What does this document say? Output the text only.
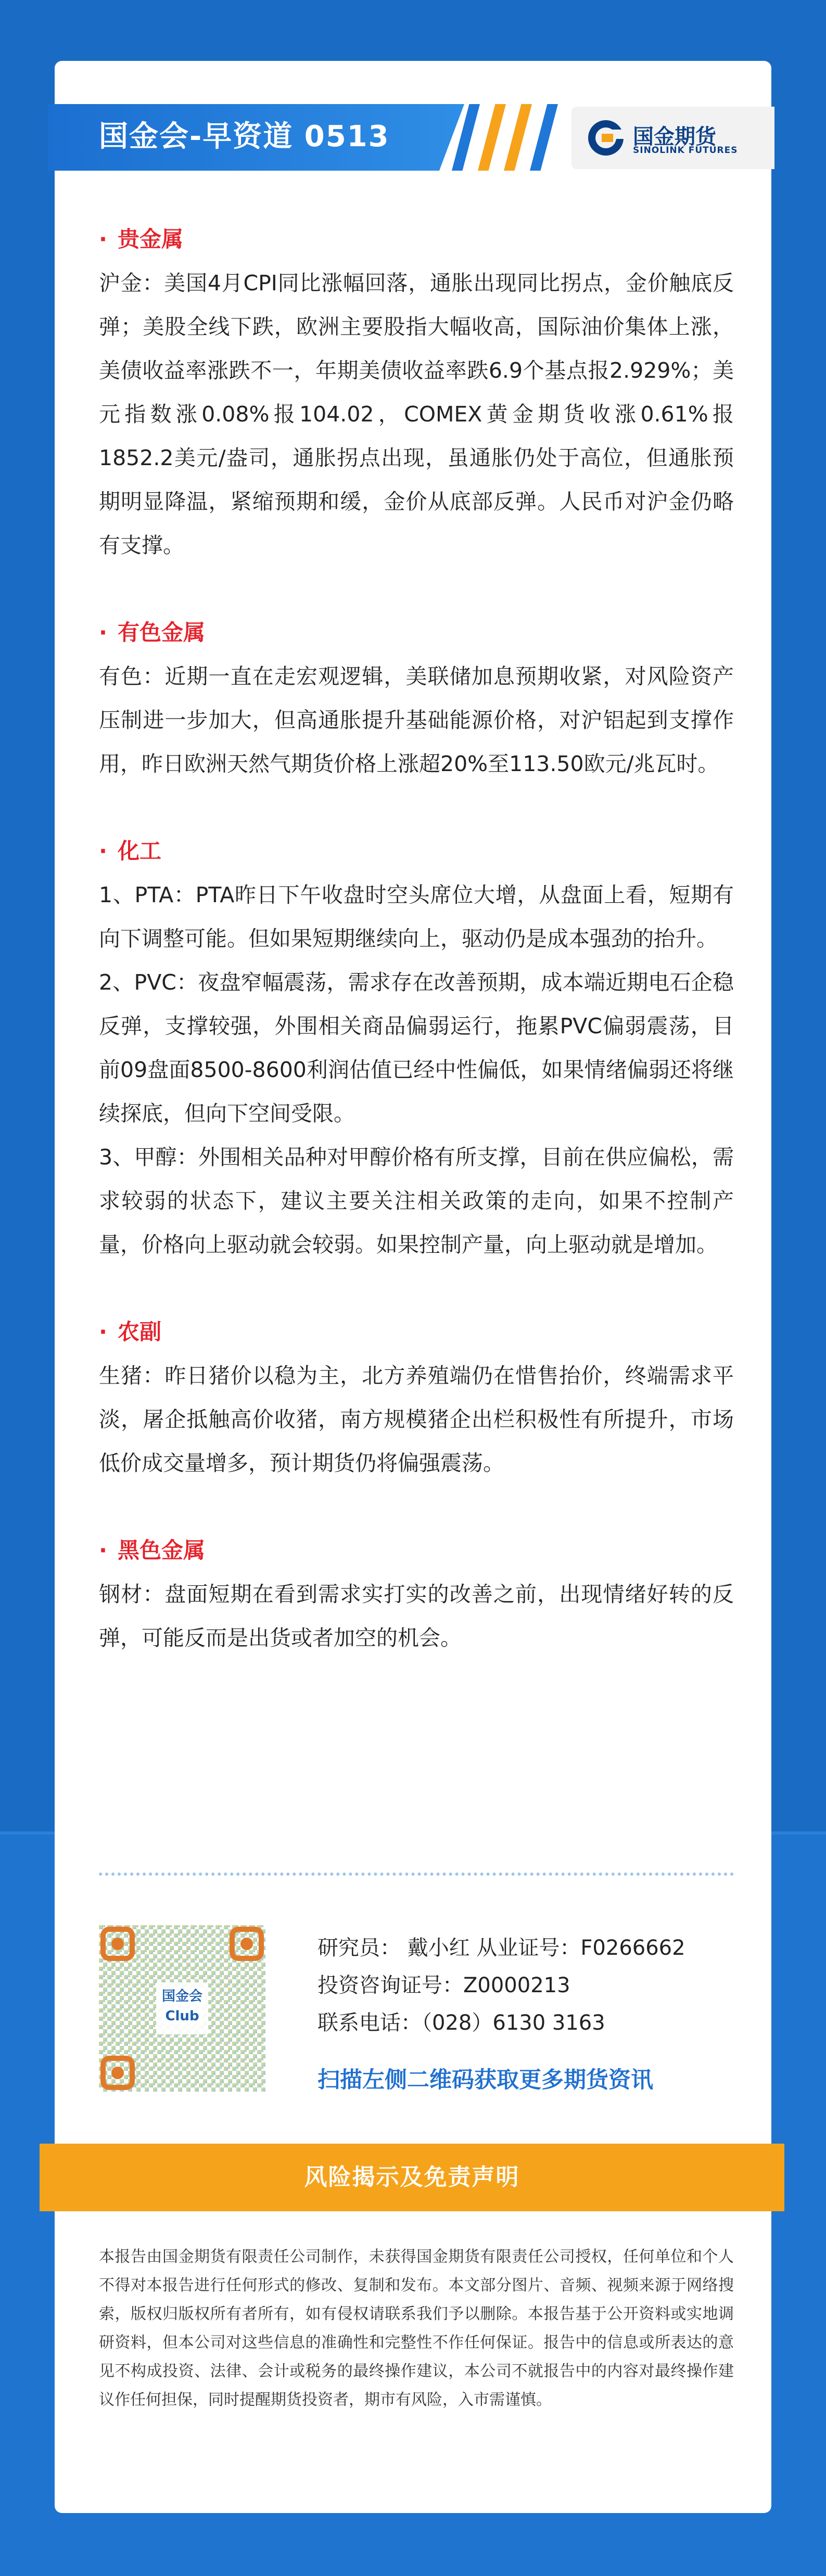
国金会-早资道 0513	国金期货
SINOLINK FUTURES
· 贵金属

沪金：美国4月CPI同比涨幅回落，通胀出现同比拐点，金价触底反弹；美股全线下跌，欧洲主要股指大幅收高，国际油价集体上涨，美债收益率涨跌不一，年期美债收益率跌6.9个基点报2.929%；美元指数涨0.08%报104.02，COMEX黄金期货收涨0.61%报1852.2美元/盎司，通胀拐点出现，虽通胀仍处于高位，但通胀预期明显降温，紧缩预期和缓，金价从底部反弹。人民币对沪金仍略有支撑。

· 有色金属

有色：近期一直在走宏观逻辑，美联储加息预期收紧，对风险资产压制进一步加大，但高通胀提升基础能源价格，对沪铝起到支撑作用，昨日欧洲天然气期货价格上涨超20%至113.50欧元/兆瓦时。

· 化工

1、PTA：PTA昨日下午收盘时空头席位大增，从盘面上看，短期有向下调整可能。但如果短期继续向上，驱动仍是成本强劲的抬升。

2、PVC：夜盘窄幅震荡，需求存在改善预期，成本端近期电石企稳反弹，支撑较强，外围相关商品偏弱运行，拖累PVC偏弱震荡，目前09盘面8500-8600利润估值已经中性偏低，如果情绪偏弱还将继续探底，但向下空间受限。

3、甲醇：外围相关品种对甲醇价格有所支撑，目前在供应偏松，需求较弱的状态下，建议主要关注相关政策的走向，如果不控制产量，价格向上驱动就会较弱。如果控制产量，向上驱动就是增加。

· 农副

生猪：昨日猪价以稳为主，北方养殖端仍在惜售抬价，终端需求平淡，屠企抵触高价收猪，南方规模猪企出栏积极性有所提升，市场低价成交量增多，预计期货仍将偏强震荡。

· 黑色金属

钢材：盘面短期在看到需求实打实的改善之前，出现情绪好转的反弹，可能反而是出货或者加空的机会。

国金会
Club
研究员： 戴小红 从业证号：F0266662
投资咨询证号：Z0000213
联系电话：（028）6130 3163
扫描左侧二维码获取更多期货资讯
风险揭示及免责声明
本报告由国金期货有限责任公司制作，未获得国金期货有限责任公司授权，任何单位和个人不得对本报告进行任何形式的修改、复制和发布。本文部分图片、音频、视频来源于网络搜索，版权归版权所有者所有，如有侵权请联系我们予以删除。本报告基于公开资料或实地调研资料，但本公司对这些信息的准确性和完整性不作任何保证。报告中的信息或所表达的意见不构成投资、法律、会计或税务的最终操作建议，本公司不就报告中的内容对最终操作建议作任何担保，同时提醒期货投资者，期市有风险，入市需谨慎。
